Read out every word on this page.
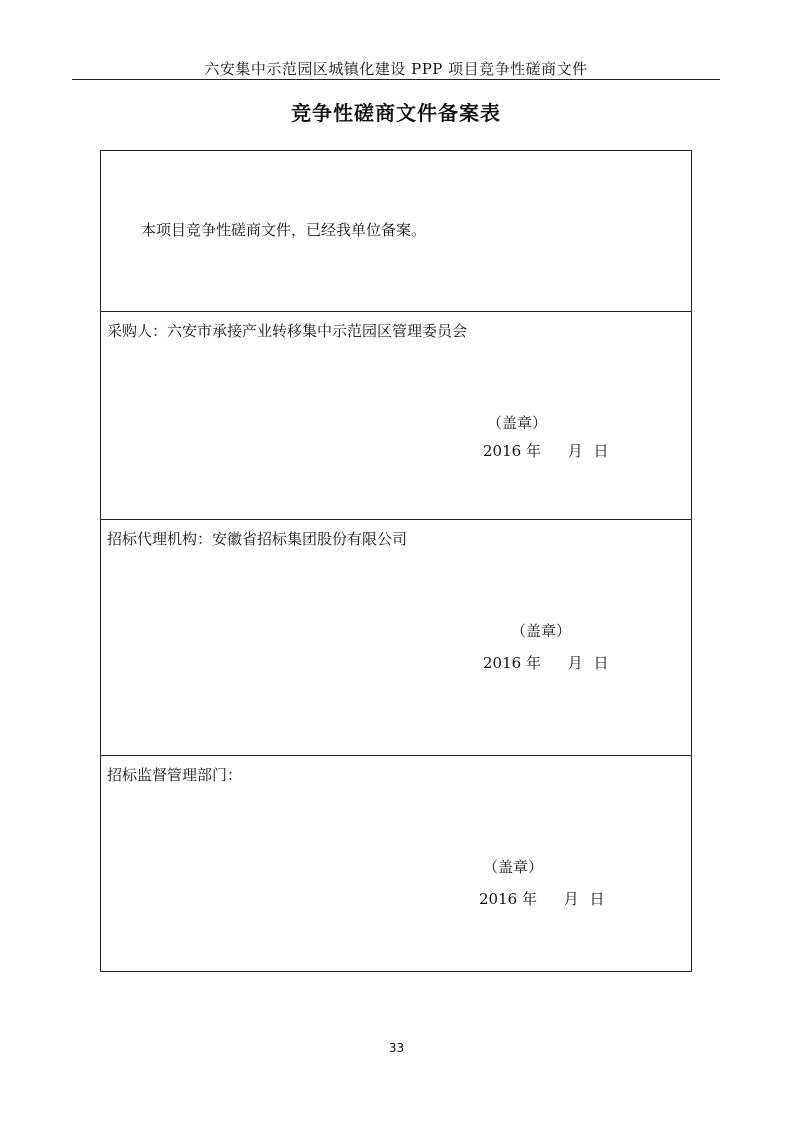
六安集中示范园区城镇化建设 PPP 项目竞争性磋商文件
竞争性磋商文件备案表
本项目竞争性磋商文件，已经我单位备案。
采购人：六安市承接产业转移集中示范园区管理委员会
（盖章）
2016 年 月 日
招标代理机构：安徽省招标集团股份有限公司
（盖章）
2016 年 月 日
招标监督管理部门：
（盖章）
2016 年 月 日
33
